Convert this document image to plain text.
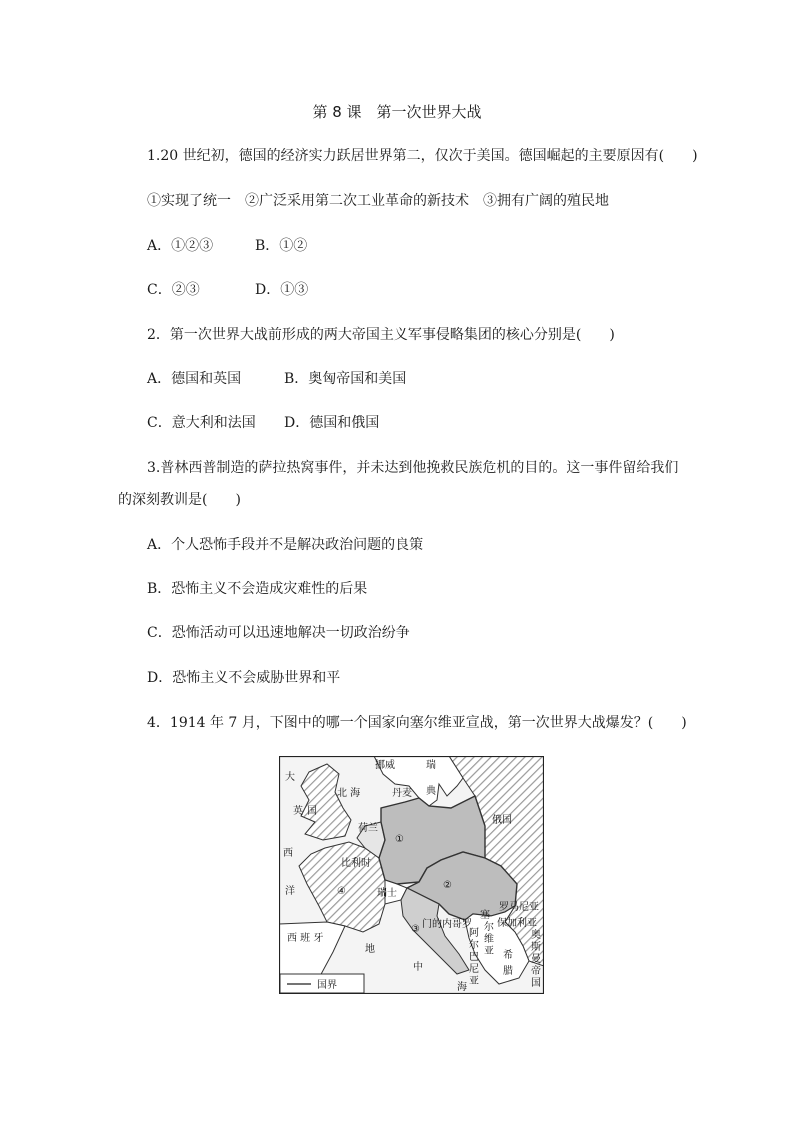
第 8 课　第一次世界大战
1.20 世纪初，德国的经济实力跃居世界第二，仅次于美国。德国崛起的主要原因有(　　)
①实现了统一　②广泛采用第二次工业革命的新技术　③拥有广阔的殖民地
A．①②③	B．①②
C．②③	D．①③
2．第一次世界大战前形成的两大帝国主义军事侵略集团的核心分别是(　　)
A．德国和英国	B．奥匈帝国和美国
C．意大利和法国 D．德国和俄国
3.普林西普制造的萨拉热窝事件，并未达到他挽救民族危机的目的。这一事件留给我们
的深刻教训是(　　)
A．个人恐怖手段并不是解决政治问题的良策
B．恐怖主义不会造成灾难性的后果
C．恐怖活动可以迅速地解决一切政治纷争
D．恐怖主义不会威胁世界和平
4．1914 年 7 月，下图中的哪一个国家向塞尔维亚宣战，第一次世界大战爆发？(　　)
挪威	瑞
典
大
西
洋
英 国
北 海	丹麦
荷兰
比利时
瑞士
俄国
西 班 牙
地
中
海
门的内哥罗
塞
尔
维
亚
阿
尔
巴
尼
亚
希
腊
罗马尼亚
保加利亚
奥
斯
曼
帝
国
①
②
③
④
国界
